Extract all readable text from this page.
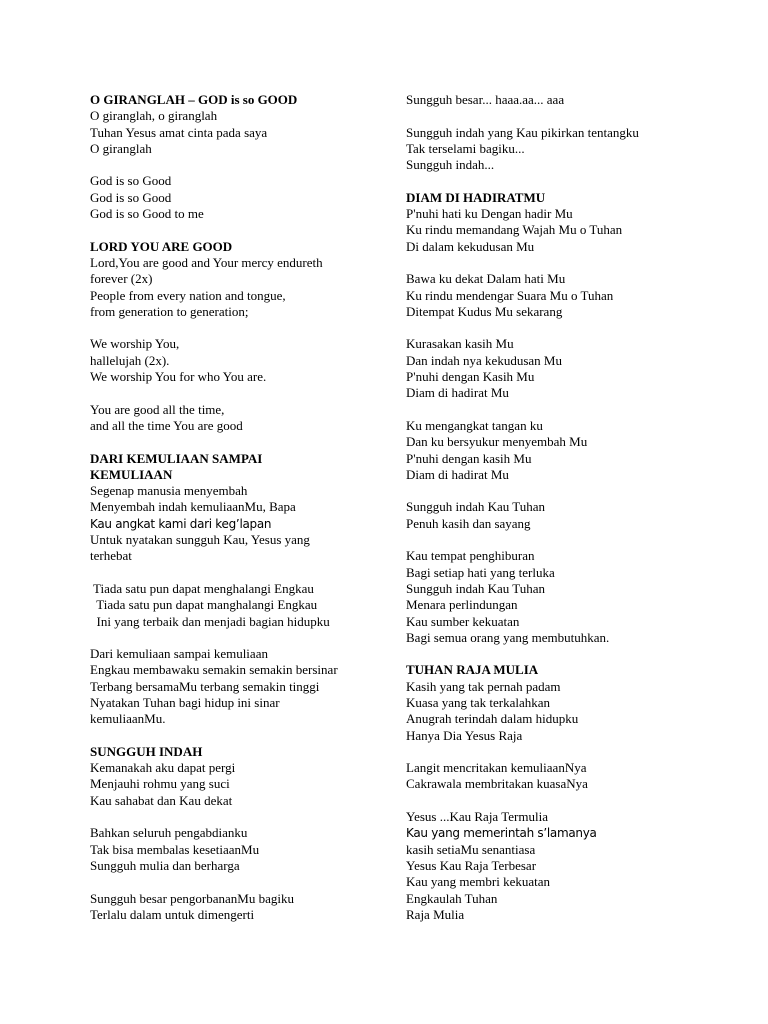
O GIRANGLAH – GOD is so GOOD
O giranglah, o giranglah
Tuhan Yesus amat cinta pada saya
O giranglah
God is so Good
God is so Good
God is so Good to me
LORD YOU ARE GOOD
Lord,You are good and Your mercy endureth
forever (2x)
People from every nation and tongue,
from generation to generation;
We worship You,
hallelujah (2x).
We worship You for who You are.
You are good all the time,
and all the time You are good
DARI KEMULIAAN SAMPAI
KEMULIAAN
Segenap manusia menyembah
Menyembah indah kemuliaanMu, Bapa
Kau angkat kami dari keg’lapan
Untuk nyatakan sungguh Kau, Yesus yang
terhebat
Tiada satu pun dapat menghalangi Engkau
Tiada satu pun dapat manghalangi Engkau
Ini yang terbaik dan menjadi bagian hidupku
Dari kemuliaan sampai kemuliaan
Engkau membawaku semakin semakin bersinar
Terbang bersamaMu terbang semakin tinggi
Nyatakan Tuhan bagi hidup ini sinar
kemuliaanMu.
SUNGGUH INDAH
Kemanakah aku dapat pergi
Menjauhi rohmu yang suci
Kau sahabat dan Kau dekat
Bahkan seluruh pengabdianku
Tak bisa membalas kesetiaanMu
Sungguh mulia dan berharga
Sungguh besar pengorbananMu bagiku
Terlalu dalam untuk dimengerti
Sungguh besar... haaa.aa... aaa
Sungguh indah yang Kau pikirkan tentangku
Tak terselami bagiku...
Sungguh indah...
DIAM DI HADIRATMU
P'nuhi hati ku Dengan hadir Mu
Ku rindu memandang Wajah Mu o Tuhan
Di dalam kekudusan Mu
Bawa ku dekat Dalam hati Mu
Ku rindu mendengar Suara Mu o Tuhan
Ditempat Kudus Mu sekarang
Kurasakan kasih Mu
Dan indah nya kekudusan Mu
P'nuhi dengan Kasih Mu
Diam di hadirat Mu
Ku mengangkat tangan ku
Dan ku bersyukur menyembah Mu
P'nuhi dengan kasih Mu
Diam di hadirat Mu
Sungguh indah Kau Tuhan
Penuh kasih dan sayang
Kau tempat penghiburan
Bagi setiap hati yang terluka
Sungguh indah Kau Tuhan
Menara perlindungan
Kau sumber kekuatan
Bagi semua orang yang membutuhkan.
TUHAN RAJA MULIA
Kasih yang tak pernah padam
Kuasa yang tak terkalahkan
Anugrah terindah dalam hidupku
Hanya Dia Yesus Raja
Langit mencritakan kemuliaanNya
Cakrawala membritakan kuasaNya
Yesus ...Kau Raja Termulia
Kau yang memerintah s’lamanya
kasih setiaMu senantiasa
Yesus Kau Raja Terbesar
Kau yang membri kekuatan
Engkaulah Tuhan
Raja Mulia
